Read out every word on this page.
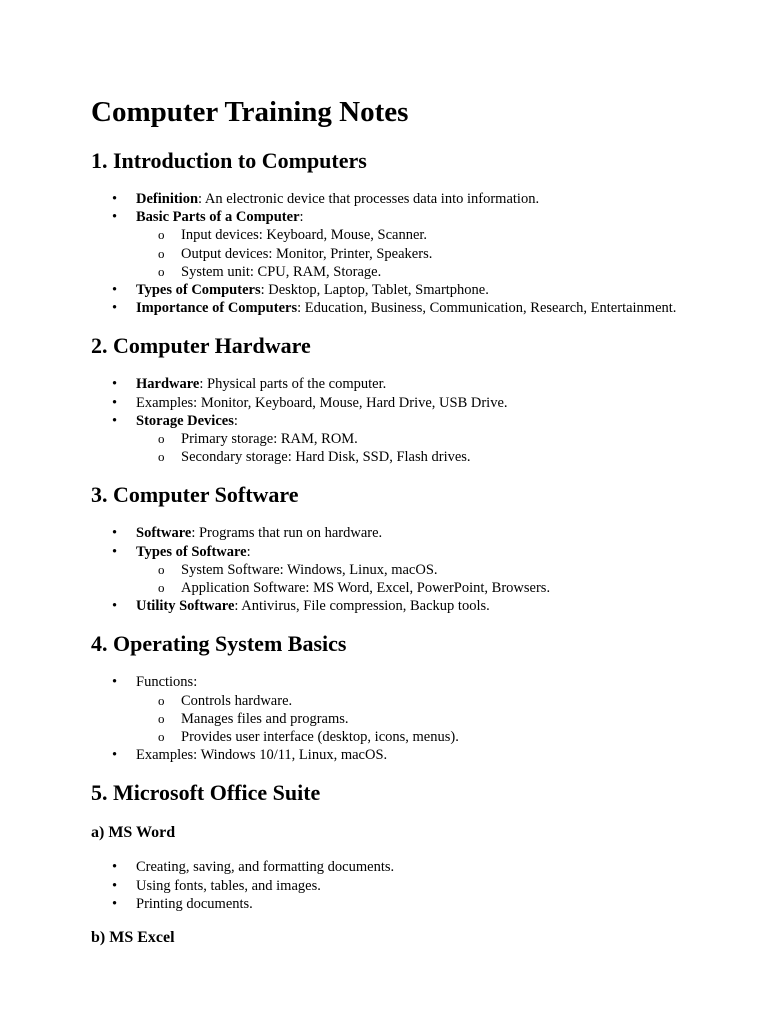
Computer Training Notes
1. Introduction to Computers
• Definition: An electronic device that processes data into information.
• Basic Parts of a Computer:
o Input devices: Keyboard, Mouse, Scanner.
o Output devices: Monitor, Printer, Speakers.
o System unit: CPU, RAM, Storage.
• Types of Computers: Desktop, Laptop, Tablet, Smartphone.
• Importance of Computers: Education, Business, Communication, Research, Entertainment.
2. Computer Hardware
• Hardware: Physical parts of the computer.
• Examples: Monitor, Keyboard, Mouse, Hard Drive, USB Drive.
• Storage Devices:
o Primary storage: RAM, ROM.
o Secondary storage: Hard Disk, SSD, Flash drives.
3. Computer Software
• Software: Programs that run on hardware.
• Types of Software:
o System Software: Windows, Linux, macOS.
o Application Software: MS Word, Excel, PowerPoint, Browsers.
• Utility Software: Antivirus, File compression, Backup tools.
4. Operating System Basics
• Functions:
o Controls hardware.
o Manages files and programs.
o Provides user interface (desktop, icons, menus).
• Examples: Windows 10/11, Linux, macOS.
5. Microsoft Office Suite
a) MS Word
• Creating, saving, and formatting documents.
• Using fonts, tables, and images.
• Printing documents.
b) MS Excel
